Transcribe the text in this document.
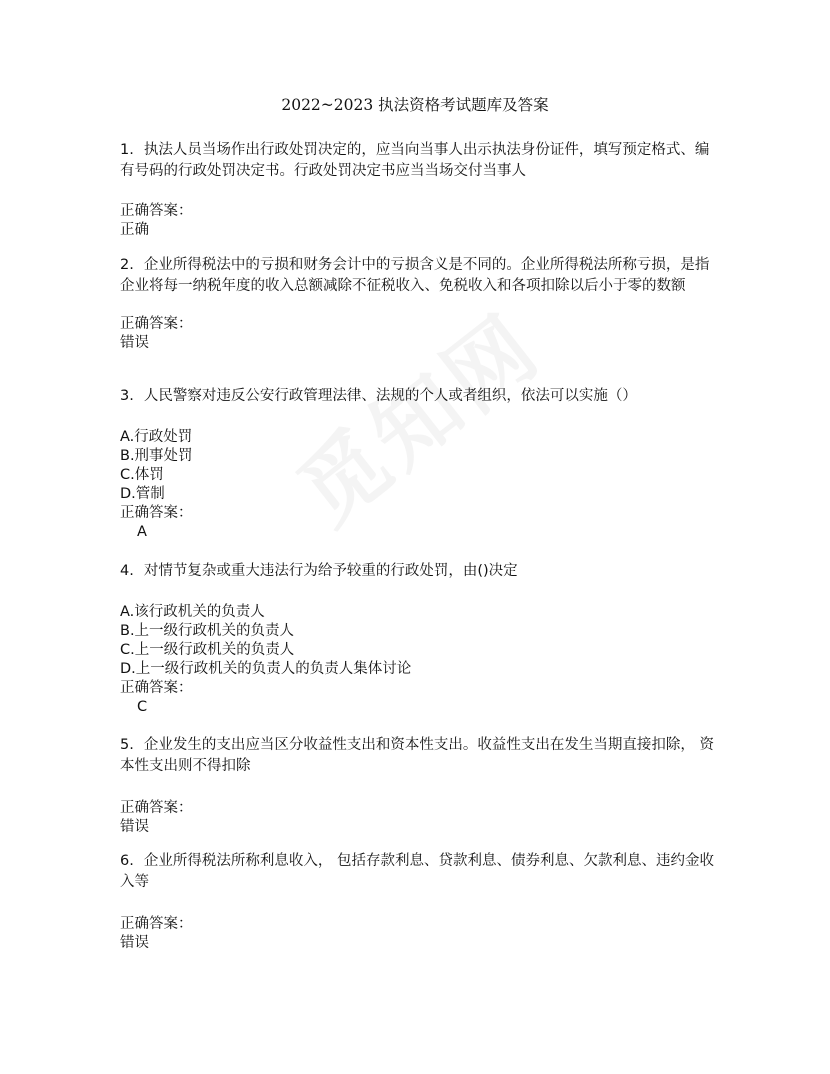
2022~2023 执法资格考试题库及答案

1. 执法人员当场作出行政处罚决定的，应当向当事人出示执法身份证件，填写预定格式、编有号码的行政处罚决定书。行政处罚决定书应当当场交付当事人

正确答案：
正确

2. 企业所得税法中的亏损和财务会计中的亏损含义是不同的。企业所得税法所称亏损，是指企业将每一纳税年度的收入总额减除不征税收入、免税收入和各项扣除以后小于零的数额

正确答案：
错误

3. 人民警察对违反公安行政管理法律、法规的个人或者组织，依法可以实施（）

A.行政处罚
B.刑事处罚
C.体罚
D.管制
正确答案：
A

4. 对情节复杂或重大违法行为给予较重的行政处罚，由()决定

A.该行政机关的负责人
B.上一级行政机关的负责人
C.上一级行政机关的负责人
D.上一级行政机关的负责人的负责人集体讨论
正确答案：
C

5. 企业发生的支出应当区分收益性支出和资本性支出。收益性支出在发生当期直接扣除， 资本性支出则不得扣除

正确答案：
错误

6. 企业所得税法所称利息收入， 包括存款利息、贷款利息、债券利息、欠款利息、违约金收入等

正确答案：
错误
